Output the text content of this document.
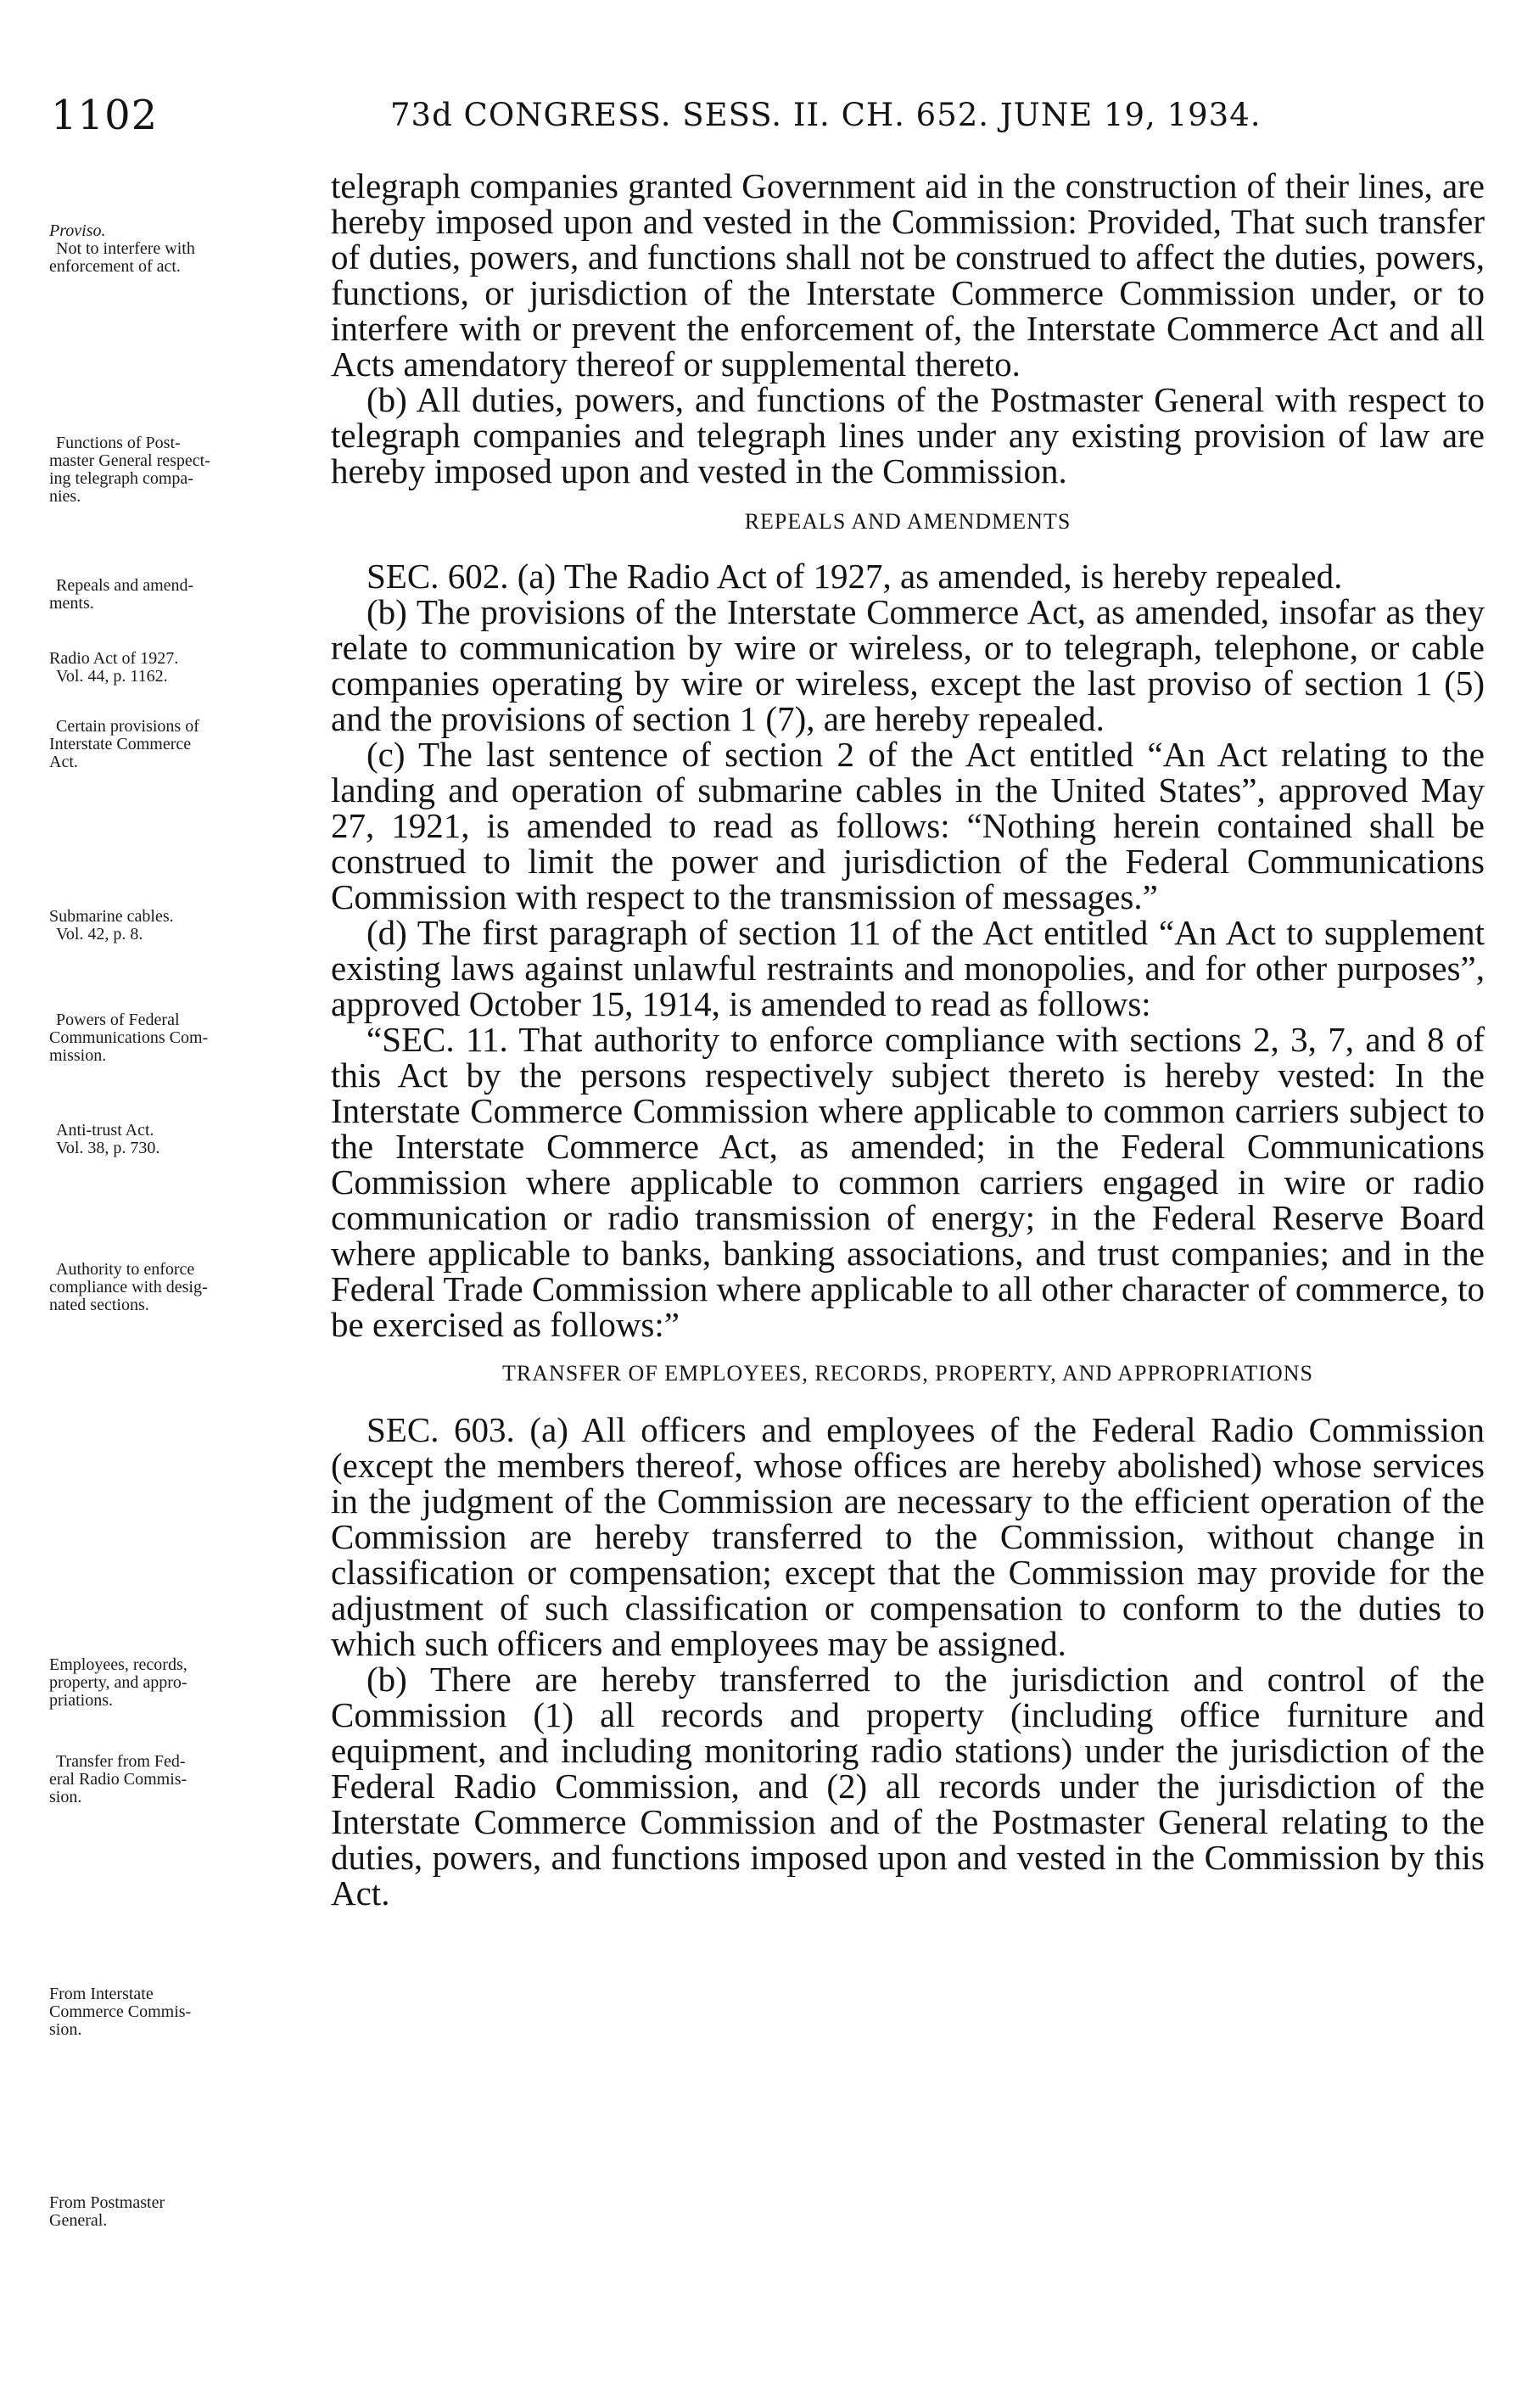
1102	73d CONGRESS. SESS. II. CH. 652. JUNE 19, 1934.
Proviso.
Not to interfere with
enforcement of act.
Functions of Post-
master General respect-
ing telegraph compa-
nies.
Repeals and amend-
ments.
Radio Act of 1927.
Vol. 44, p. 1162.
Certain provisions of
Interstate Commerce
Act.
Submarine cables.
Vol. 42, p. 8.
Powers of Federal
Communications Com-
mission.
Anti-trust Act.
Vol. 38, p. 730.
Authority to enforce
compliance with desig-
nated sections.
Employees, records,
property, and appro-
priations.
Transfer from Fed-
eral Radio Commis-
sion.
From Interstate
Commerce Commis-
sion.
From Postmaster
General.

telegraph companies granted Government aid in the construction of their lines, are hereby imposed upon and vested in the Commission: Provided, That such transfer of duties, powers, and functions shall not be construed to affect the duties, powers, functions, or jurisdiction of the Interstate Commerce Commission under, or to interfere with or prevent the enforcement of, the Interstate Commerce Act and all Acts amendatory thereof or supplemental thereto.

(b) All duties, powers, and functions of the Postmaster General with respect to telegraph companies and telegraph lines under any existing provision of law are hereby imposed upon and vested in the Commission.

REPEALS AND AMENDMENTS

SEC. 602. (a) The Radio Act of 1927, as amended, is hereby repealed.

(b) The provisions of the Interstate Commerce Act, as amended, insofar as they relate to communication by wire or wireless, or to telegraph, telephone, or cable companies operating by wire or wireless, except the last proviso of section 1 (5) and the provisions of section 1 (7), are hereby repealed.

(c) The last sentence of section 2 of the Act entitled “An Act relating to the landing and operation of submarine cables in the United States”, approved May 27, 1921, is amended to read as follows: “Nothing herein contained shall be construed to limit the power and jurisdiction of the Federal Communications Commission with respect to the transmission of messages.”

(d) The first paragraph of section 11 of the Act entitled “An Act to supplement existing laws against unlawful restraints and monopolies, and for other purposes”, approved October 15, 1914, is amended to read as follows:

“SEC. 11. That authority to enforce compliance with sections 2, 3, 7, and 8 of this Act by the persons respectively subject thereto is hereby vested: In the Interstate Commerce Commission where applicable to common carriers subject to the Interstate Commerce Act, as amended; in the Federal Communications Commission where applicable to common carriers engaged in wire or radio communication or radio transmission of energy; in the Federal Reserve Board where applicable to banks, banking associations, and trust companies; and in the Federal Trade Commission where applicable to all other character of commerce, to be exercised as follows:”

TRANSFER OF EMPLOYEES, RECORDS, PROPERTY, AND APPROPRIATIONS

SEC. 603. (a) All officers and employees of the Federal Radio Commission (except the members thereof, whose offices are hereby abolished) whose services in the judgment of the Commission are necessary to the efficient operation of the Commission are hereby transferred to the Commission, without change in classification or compensation; except that the Commission may provide for the adjustment of such classification or compensation to conform to the duties to which such officers and employees may be assigned.

(b) There are hereby transferred to the jurisdiction and control of the Commission (1) all records and property (including office furniture and equipment, and including monitoring radio stations) under the jurisdiction of the Federal Radio Commission, and (2) all records under the jurisdiction of the Interstate Commerce Commission and of the Postmaster General relating to the duties, powers, and functions imposed upon and vested in the Commission by this Act.
